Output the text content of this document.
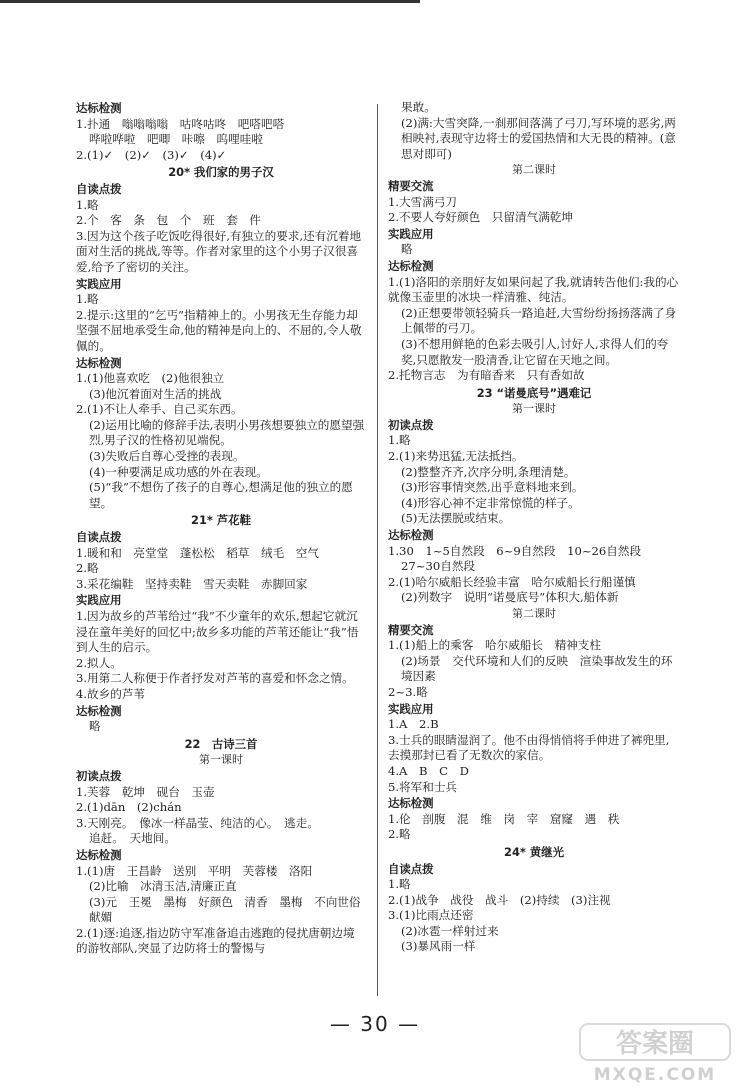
达标检测
1.扑通　嗡嗡嗡嗡　咕咚咕咚　吧嗒吧嗒
哗啦哗啦　吧唧　咔嚓　呜哩哇啦
2.(1)✓　(2)✓　(3)✓　(4)✓
20* 我们家的男子汉
自读点拨
1.略
2.个　客　条　包　个　班　套　件
3.因为这个孩子吃饭吃得很好,有独立的要求,还有沉着地面对生活的挑战,等等。作者对家里的这个小男子汉很喜爱,给予了密切的关注。
实践应用
1.略
2.提示:这里的“乞丐”指精神上的。小男孩无生存能力却坚强不屈地承受生命,他的精神是向上的、不屈的,令人敬佩的。
达标检测
1.(1)他喜欢吃　(2)他很独立
(3)他沉着面对生活的挑战
2.(1)不让人牵手、自己买东西。
(2)运用比喻的修辞手法,表明小男孩想要独立的愿望强烈,男子汉的性格初见端倪。
(3)失败后自尊心受挫的表现。
(4)一种要满足成功感的外在表现。
(5)“我”不想伤了孩子的自尊心,想满足他的独立的愿望。
21* 芦花鞋
自读点拨
1.暖和和　亮堂堂　蓬松松　稻草　绒毛　空气
2.略
3.采花编鞋　坚持卖鞋　雪天卖鞋　赤脚回家
实践应用
1.因为故乡的芦苇给过“我”不少童年的欢乐,想起它就沉浸在童年美好的回忆中;故乡多功能的芦苇还能让“我”悟到人生的启示。
2.拟人。
3.用第二人称便于作者抒发对芦苇的喜爱和怀念之情。
4.故乡的芦苇
达标检测
略
22　古诗三首
第一课时
初读点拨
1.芙蓉　乾坤　砚台　玉壶
2.(1)dān　(2)chán
3.天刚亮。　像冰一样晶莹、纯洁的心。　逃走。
追赶。　天地间。
达标检测
1.(1)唐　王昌龄　送别　平明　芙蓉楼　洛阳
(2)比喻　冰清玉洁,清廉正直
(3)元　王冕　墨梅　好颜色　清香　墨梅　不向世俗献媚
2.(1)逐:追逐,指边防守军准备追击逃跑的侵扰唐朝边境的游牧部队,突显了边防将士的警惕与
果敢。
(2)满:大雪突降,一刹那间落满了弓刀,写环境的恶劣,两相映衬,表现守边将士的爱国热情和大无畏的精神。(意思对即可)
第二课时
精要交流
1.大雪满弓刀
2.不要人夸好颜色　只留清气满乾坤
实践应用
略
达标检测
1.(1)洛阳的亲朋好友如果问起了我,就请转告他们:我的心就像玉壶里的冰块一样清雅、纯洁。
(2)正想要带领轻骑兵一路追赶,大雪纷纷扬扬落满了身上佩带的弓刀。
(3)不想用鲜艳的色彩去吸引人,讨好人,求得人们的夸奖,只愿散发一股清香,让它留在天地之间。
2.托物言志　为有暗香来　只有香如故
23 “诺曼底号”遇难记
第一课时
初读点拨
1.略
2.(1)来势迅猛,无法抵挡。
(2)整整齐齐,次序分明,条理清楚。
(3)形容事情突然,出乎意料地来到。
(4)形容心神不定非常惊慌的样子。
(5)无法摆脱或结束。
达标检测
1.30　1~5自然段　6~9自然段　10~26自然段
27~30自然段
2.(1)哈尔威船长经验丰富　哈尔威船长行船谨慎
(2)列数字　说明“诺曼底号”体积大,船体新
第二课时
精要交流
1.(1)船上的乘客　哈尔威船长　精神支柱
(2)场景　交代环境和人们的反映　渲染事故发生的环境因素
2~3.略
实践应用
1.A　2.B
3.士兵的眼睛湿润了。他不由得悄悄将手伸进了裤兜里,去摸那封已看了无数次的家信。
4.A　B　C　D
5.将军和士兵
达标检测
1.伦　剖腹　混　维　岗　宰　窟窿　遇　秩
2.略
24* 黄继光
自读点拨
1.略
2.(1)战争　战役　战斗　(2)持续　(3)注视
3.(1)比雨点还密
(2)冰雹一样射过来
(3)暴风雨一样
— 30 —
答案圈
MXQE.COM
